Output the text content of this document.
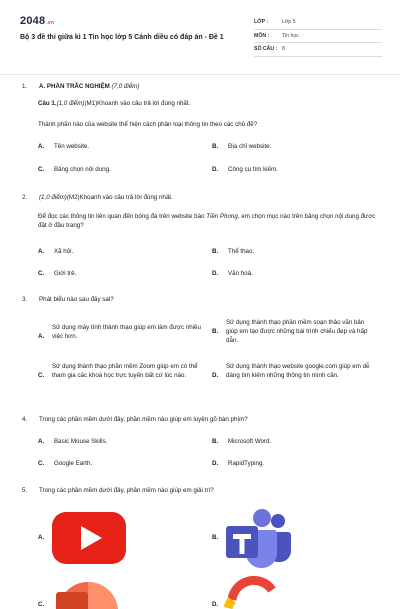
2048.vn
Bộ 3 đề thi giữa kì 1 Tin học lớp 5 Cánh diều có đáp án - Đề 1
LỚP :	Lớp 5
MÔN :	Tin học
SỐ CÂU : 8
1.	A. PHẦN TRẮC NGHIỆM (7,0 điểm)
Câu 1.(1,0 điểm)(M1)Khoanh vào câu trả lời đúng nhất.
Thành phần nào của website thể hiện cách phân loại thông tin theo các chủ đề?
A. Tên website.	B. Địa chỉ website.
C. Bảng chọn nội dung.	D. Công cụ tìm kiếm.
2.	(1,0 điểm)(M2)Khoanh vào câu trả lời đúng nhất.
Để đọc các thông tin liên quan đến bóng đá trên website báo Tiền Phong, em chọn mục nào trên bảng chọn nội dung được đặt ở đầu trang?
A. Xã hội.	B. Thể thao.
C. Giới trẻ.	D. Văn hoá.
3.	Phát biểu nào sau đây sai?
A.
Sử dụng máy tính thành thạo giúp em làm được nhiều việc hơn.
B.
Sử dụng thành thạo phần mềm soạn thảo văn bản giúp em tạo được những bài trình chiếu đẹp và hấp dẫn.
C.
Sử dụng thành thạo phần mềm Zoom giúp em có thể tham gia các khoá học trực tuyến bất cứ lúc nào.	D.
Sử dụng thành thạo website google.com giúp em dễ dàng tìm kiếm những thông tin mình cần.
4.	Trong các phần mềm dưới đây, phần mềm nào giúp em luyện gõ bàn phím?
A. Basic Mouse Skills.	B. Microsoft Word.
C. Google Earth.	D. RapidTyping.
5.	Trong các phần mềm dưới đây, phần mềm nào giúp em giải trí?
A.	B.
C.	D.
